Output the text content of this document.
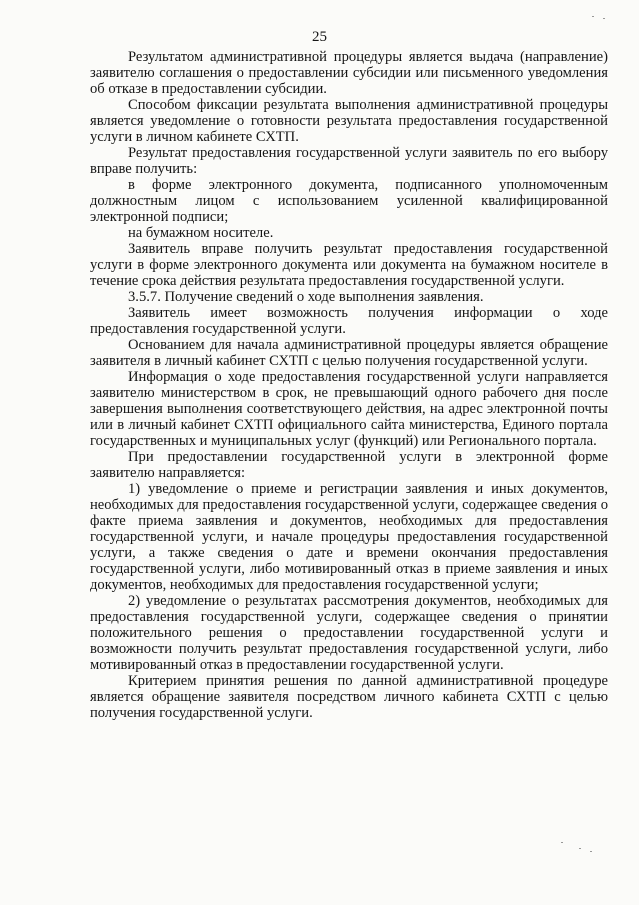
25

Результатом административной процедуры является выдача (направление) заявителю соглашения о предоставлении субсидии или письменного уведомления об отказе в предоставлении субсидии.

Способом фиксации результата выполнения административной процедуры является уведомление о готовности результата предоставления государственной услуги в личном кабинете СХТП.

Результат предоставления государственной услуги заявитель по его выбору вправе получить:

в форме электронного документа, подписанного уполномоченным должностным лицом с использованием усиленной квалифицированной электронной подписи;

на бумажном носителе.

Заявитель вправе получить результат предоставления государственной услуги в форме электронного документа или документа на бумажном носителе в течение срока действия результата предоставления государственной услуги.

3.5.7. Получение сведений о ходе выполнения заявления.

Заявитель имеет возможность получения информации о ходе предоставления государственной услуги.

Основанием для начала административной процедуры является обращение заявителя в личный кабинет СХТП с целью получения государственной услуги.

Информация о ходе предоставления государственной услуги направляется заявителю министерством в срок, не превышающий одного рабочего дня после завершения выполнения соответствующего действия, на адрес электронной почты или в личный кабинет СХТП официального сайта министерства, Единого портала государственных и муниципальных услуг (функций) или Регионального портала.

При предоставлении государственной услуги в электронной форме заявителю направляется:

1) уведомление о приеме и регистрации заявления и иных документов, необходимых для предоставления государственной услуги, содержащее сведения о факте приема заявления и документов, необходимых для предоставления государственной услуги, и начале процедуры предоставления государственной услуги, а также сведения о дате и времени окончания предоставления государственной услуги, либо мотивированный отказ в приеме заявления и иных документов, необходимых для предоставления государственной услуги;

2) уведомление о результатах рассмотрения документов, необходимых для предоставления государственной услуги, содержащее сведения о принятии положительного решения о предоставлении государственной услуги и возможности получить результат предоставления государственной услуги, либо мотивированный отказ в предоставлении государственной услуги.

Критерием принятия решения по данной административной процедуре является обращение заявителя посредством личного кабинета СХТП с целью получения государственной услуги.
